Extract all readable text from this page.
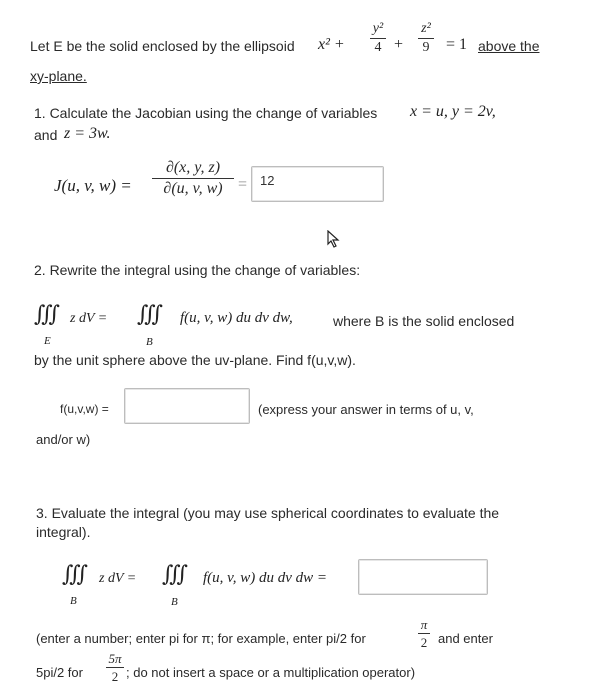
Let E be the solid enclosed by the ellipsoid x² +
y²
4 +
z²
9 = 1 above the
xy-plane.
1. Calculate the Jacobian using the change of variables x = u, y = 2v,
and z = 3w.
J(u, v, w) =
∂(x, y, z)
∂(u, v, w) = 12
2. Rewrite the integral using the change of variables:
∭ z dV =
E
∭ f(u, v, w) du dv dw,
B
where B is the solid enclosed
by the unit sphere above the uv-plane. Find f(u,v,w).
f(u,v,w) =	(express your answer in terms of u, v,
and/or w)
3. Evaluate the integral (you may use spherical coordinates to evaluate the
integral).
∭ z dV =
B
∭ f(u, v, w) du dv dw =
B
(enter a number; enter pi for π; for example, enter pi/2 for
π
2 and enter
5pi/2 for
5π
2 ; do not insert a space or a multiplication operator)
